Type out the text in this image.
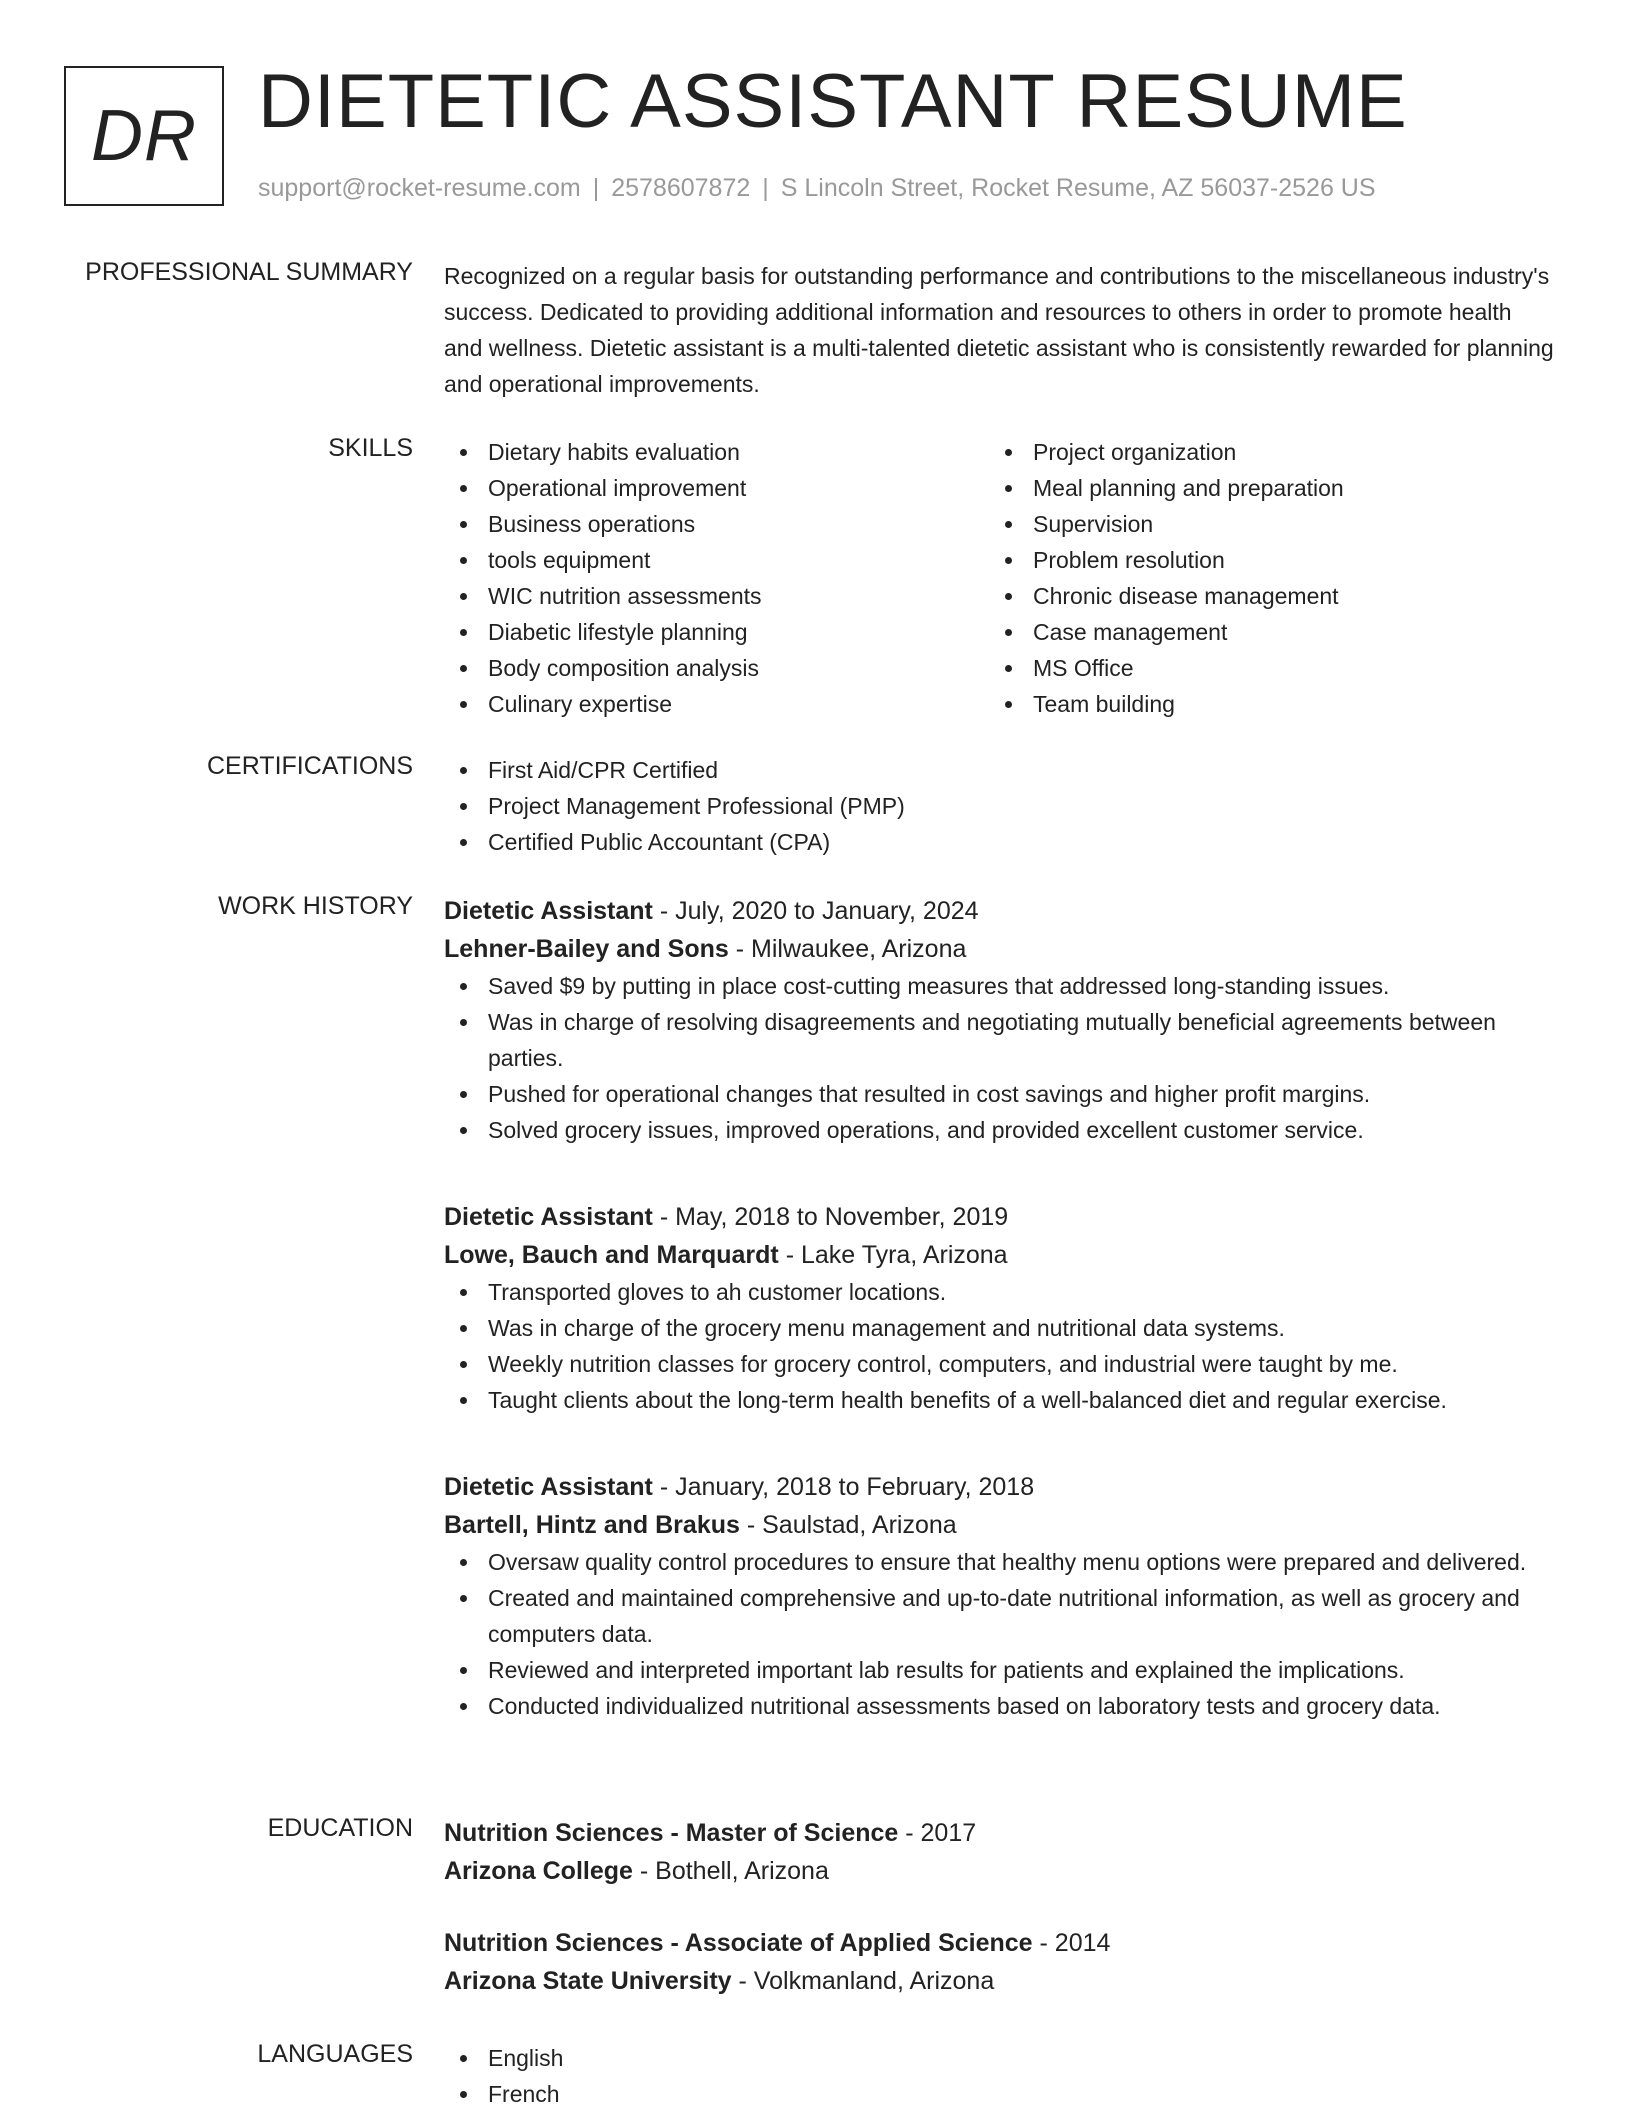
DR DIETETIC ASSISTANT RESUME
support@rocket-resume.com | 2578607872 | S Lincoln Street, Rocket Resume, AZ 56037-2526 US
PROFESSIONAL SUMMARY Recognized on a regular basis for outstanding performance and contributions to the miscellaneous industry's success. Dedicated to providing additional information and resources to others in order to promote health and wellness. Dietetic assistant is a multi-talented dietetic assistant who is consistently rewarded for planning and operational improvements.
SKILLS	Dietary habits evaluation
Operational improvement
Business operations
tools equipment
WIC nutrition assessments
Diabetic lifestyle planning
Body composition analysis
Culinary expertise
Project organization
Meal planning and preparation
Supervision
Problem resolution
Chronic disease management
Case management
MS Office
Team building
CERTIFICATIONS	First Aid/CPR Certified
Project Management Professional (PMP)
Certified Public Accountant (CPA)
WORK HISTORY Dietetic Assistant - July, 2020 to January, 2024
Lehner-Bailey and Sons - Milwaukee, Arizona
Saved $9 by putting in place cost-cutting measures that addressed long-standing issues.
Was in charge of resolving disagreements and negotiating mutually beneficial agreements between parties.
Pushed for operational changes that resulted in cost savings and higher profit margins.
Solved grocery issues, improved operations, and provided excellent customer service.
Dietetic Assistant - May, 2018 to November, 2019
Lowe, Bauch and Marquardt - Lake Tyra, Arizona
Transported gloves to ah customer locations.
Was in charge of the grocery menu management and nutritional data systems.
Weekly nutrition classes for grocery control, computers, and industrial were taught by me.
Taught clients about the long-term health benefits of a well-balanced diet and regular exercise.
Dietetic Assistant - January, 2018 to February, 2018
Bartell, Hintz and Brakus - Saulstad, Arizona
Oversaw quality control procedures to ensure that healthy menu options were prepared and delivered.
Created and maintained comprehensive and up-to-date nutritional information, as well as grocery and computers data.
Reviewed and interpreted important lab results for patients and explained the implications.
Conducted individualized nutritional assessments based on laboratory tests and grocery data.
EDUCATION Nutrition Sciences - Master of Science - 2017
Arizona College - Bothell, Arizona
Nutrition Sciences - Associate of Applied Science - 2014
Arizona State University - Volkmanland, Arizona
LANGUAGES	English
French
